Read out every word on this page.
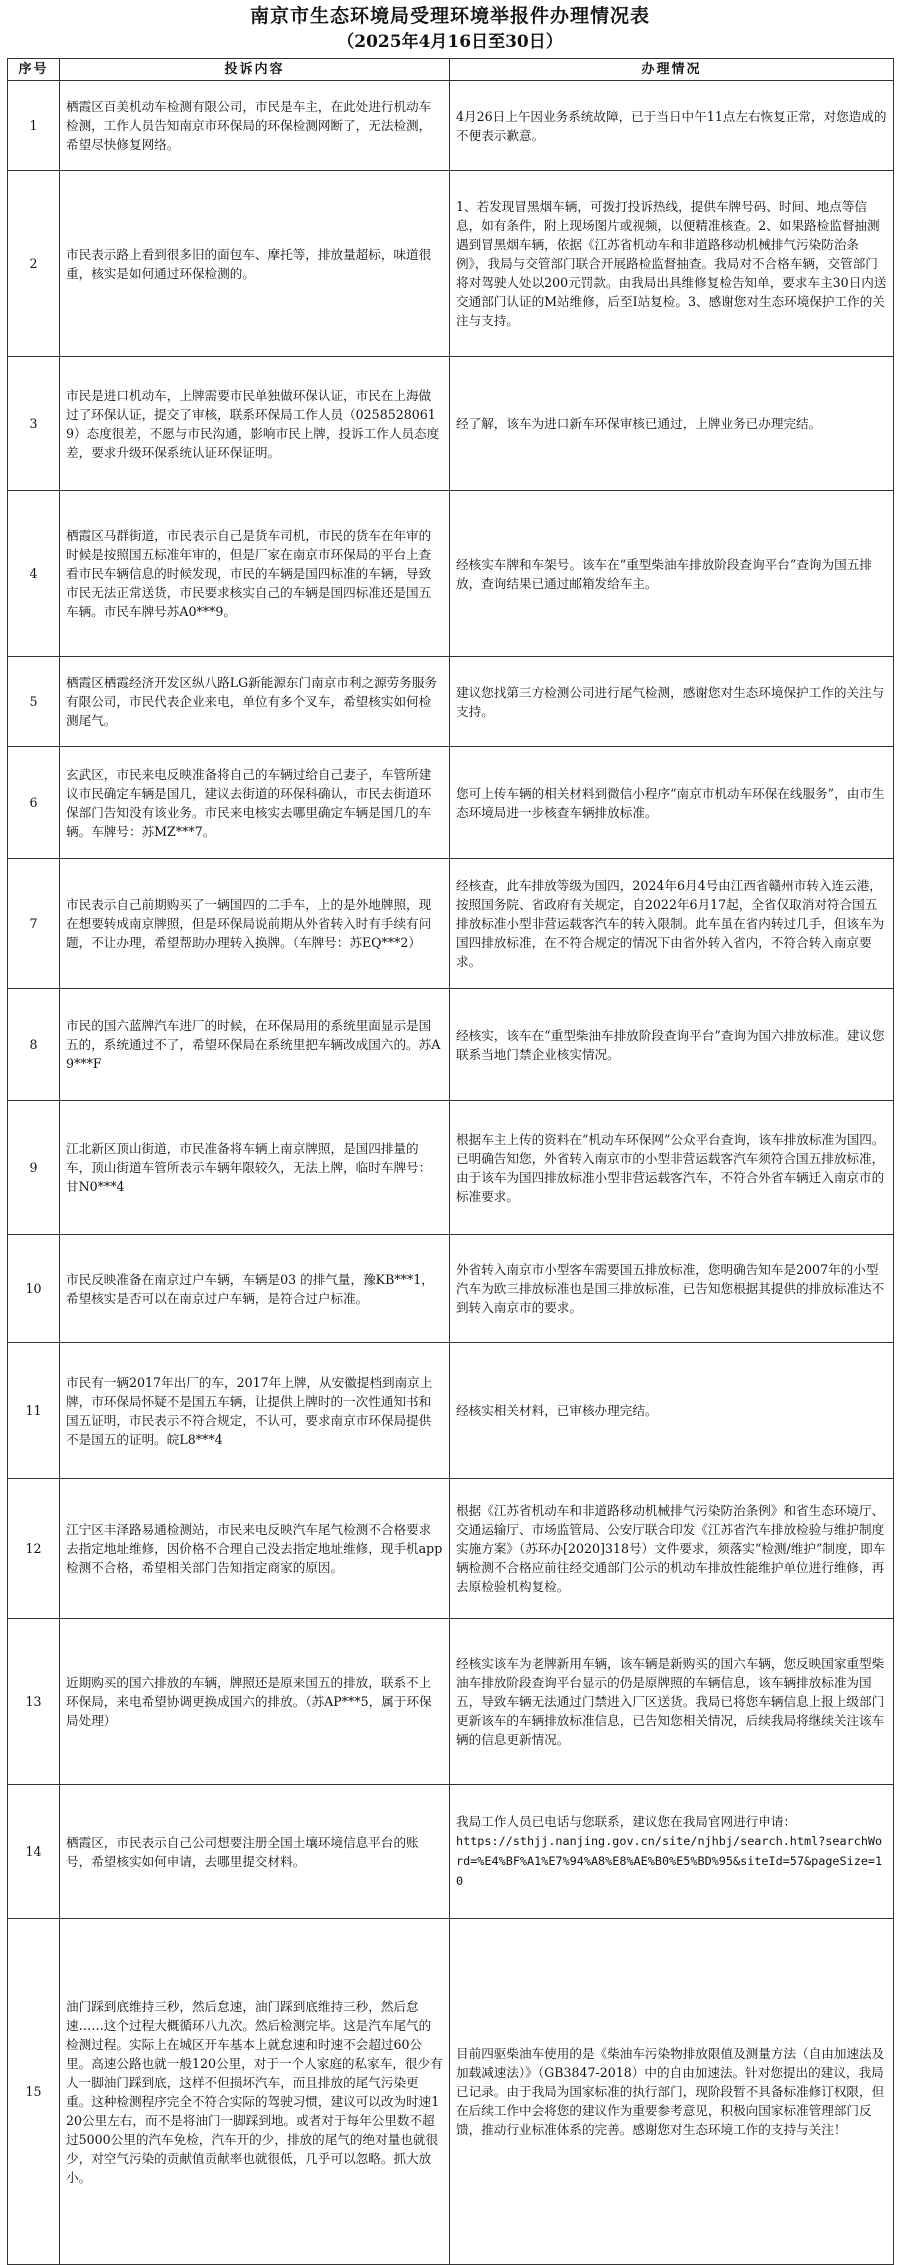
南京市生态环境局受理环境举报件办理情况表
（2025年4月16日至30日）
序号	投诉内容	办理情况
1	栖霞区百美机动车检测有限公司，市民是车主，在此处进行机动车检测，工作人员告知南京市环保局的环保检测网断了，无法检测，希望尽快修复网络。	4月26日上午因业务系统故障，已于当日中午11点左右恢复正常，对您造成的不便表示歉意。
2	市民表示路上看到很多旧的面包车、摩托等，排放量超标，味道很重，核实是如何通过环保检测的。	1、若发现冒黑烟车辆，可拨打投诉热线，提供车牌号码、时间、地点等信息，如有条件，附上现场图片或视频，以便精准核查。2、如果路检监督抽测遇到冒黑烟车辆，依据《江苏省机动车和非道路移动机械排气污染防治条例》，我局与交管部门联合开展路检监督抽查。我局对不合格车辆，交管部门将对驾驶人处以200元罚款。由我局出具维修复检告知单，要求车主30日内送交通部门认证的M站维修，后至I站复检。3、感谢您对生态环境保护工作的关注与支持。
3	市民是进口机动车，上牌需要市民单独做环保认证，市民在上海做过了环保认证，提交了审核，联系环保局工作人员（02585280619）态度很差，不愿与市民沟通，影响市民上牌，投诉工作人员态度差，要求升级环保系统认证环保证明。	经了解，该车为进口新车环保审核已通过，上牌业务已办理完结。
4	栖霞区马群街道，市民表示自己是货车司机，市民的货车在年审的时候是按照国五标准年审的，但是厂家在南京市环保局的平台上查看市民车辆信息的时候发现，市民的车辆是国四标准的车辆，导致市民无法正常送货，市民要求核实自己的车辆是国四标准还是国五车辆。市民车牌号苏A0***9。	经核实车牌和车架号。该车在“重型柴油车排放阶段查询平台”查询为国五排放，查询结果已通过邮箱发给车主。
5	栖霞区栖霞经济开发区纵八路LG新能源东门南京市利之源劳务服务有限公司，市民代表企业来电，单位有多个叉车，希望核实如何检测尾气。	建议您找第三方检测公司进行尾气检测，感谢您对生态环境保护工作的关注与支持。
6	玄武区，市民来电反映准备将自己的车辆过给自己妻子，车管所建议市民确定车辆是国几，建议去街道的环保科确认，市民去街道环保部门告知没有该业务。市民来电核实去哪里确定车辆是国几的车辆。车牌号：苏MZ***7。	您可上传车辆的相关材料到微信小程序“南京市机动车环保在线服务”，由市生态环境局进一步核查车辆排放标准。
7	市民表示自己前期购买了一辆国四的二手车，上的是外地牌照，现在想要转成南京牌照，但是环保局说前期从外省转入时有手续有问题，不让办理，希望帮助办理转入换牌。（车牌号：苏EQ***2）	经核查，此车排放等级为国四，2024年6月4号由江西省赣州市转入连云港，按照国务院、省政府有关规定，自2022年6月17起，全省仅取消对符合国五排放标准小型非营运载客汽车的转入限制。此车虽在省内转过几手，但该车为国四排放标准，在不符合规定的情况下由省外转入省内，不符合转入南京要求。
8	市民的国六蓝牌汽车进厂的时候，在环保局用的系统里面显示是国五的，系统通过不了，希望环保局在系统里把车辆改成国六的。苏A9***F	经核实，该车在“重型柴油车排放阶段查询平台”查询为国六排放标准。建议您联系当地门禁企业核实情况。
9	江北新区顶山街道，市民准备将车辆上南京牌照，是国四排量的车，顶山街道车管所表示车辆年限较久，无法上牌，临时车牌号：甘N0***4	根据车主上传的资料在“机动车环保网”公众平台查询，该车排放标准为国四。已明确告知您，外省转入南京市的小型非营运载客汽车须符合国五排放标准，由于该车为国四排放标准小型非营运载客汽车，不符合外省车辆迁入南京市的标准要求。
10	市民反映准备在南京过户车辆，车辆是03 的排气量，豫KB***1，希望核实是否可以在南京过户车辆，是符合过户标准。	外省转入南京市小型客车需要国五排放标准，您明确告知车是2007年的小型汽车为欧三排放标准也是国三排放标准，已告知您根据其提供的排放标准达不到转入南京市的要求。
11	市民有一辆2017年出厂的车，2017年上牌，从安徽提档到南京上牌，市环保局怀疑不是国五车辆，让提供上牌时的一次性通知书和国五证明，市民表示不符合规定，不认可，要求南京市环保局提供不是国五的证明。皖L8***4	经核实相关材料，已审核办理完结。
12	江宁区丰泽路易通检测站，市民来电反映汽车尾气检测不合格要求去指定地址维修，因价格不合理自己没去指定地址维修，现手机app检测不合格，希望相关部门告知指定商家的原因。	根据《江苏省机动车和非道路移动机械排气污染防治条例》和省生态环境厅、交通运输厅、市场监管局、公安厅联合印发《江苏省汽车排放检验与维护制度实施方案》（苏环办[2020]318号）文件要求，须落实“检测/维护”制度，即车辆检测不合格应前往经交通部门公示的机动车排放性能维护单位进行维修，再去原检验机构复检。
13	近期购买的国六排放的车辆，牌照还是原来国五的排放，联系不上环保局，来电希望协调更换成国六的排放。（苏AP***5，属于环保局处理）	经核实该车为老牌新用车辆，该车辆是新购买的国六车辆，您反映国家重型柴油车排放阶段查询平台显示的仍是原牌照的车辆信息，该车辆排放标准为国五，导致车辆无法通过门禁进入厂区送货。我局已将您车辆信息上报上级部门更新该车的车辆排放标准信息，已告知您相关情况，后续我局将继续关注该车辆的信息更新情况。
14	栖霞区，市民表示自己公司想要注册全国土壤环境信息平台的账号，希望核实如何申请，去哪里提交材料。	我局工作人员已电话与您联系，建议您在我局官网进行申请：
https://sthjj.nanjing.gov.cn/site/njhbj/search.html?searchWord=%E4%BF%A1%E7%94%A8%E8%AE%B0%E5%BD%95&siteId=57&pageSize=10
15	油门踩到底维持三秒，然后怠速，油门踩到底维持三秒，然后怠速……这个过程大概循环八九次。然后检测完毕。这是汽车尾气的检测过程。实际上在城区开车基本上就怠速和时速不会超过60公里。高速公路也就一般120公里，对于一个人家庭的私家车，很少有人一脚油门踩到底，这样不但损坏汽车，而且排放的尾气污染更重。这种检测程序完全不符合实际的驾驶习惯，建议可以改为时速120公里左右，而不是将油门一脚踩到地。或者对于每年公里数不超过5000公里的汽车免检，汽车开的少，排放的尾气的绝对量也就很少，对空气污染的贡献值贡献率也就很低，几乎可以忽略。抓大放小。	目前四驱柴油车使用的是《柴油车污染物排放限值及测量方法（自由加速法及加载减速法）》（GB3847-2018）中的自由加速法。针对您提出的建议，我局已记录。由于我局为国家标准的执行部门，现阶段暂不具备标准修订权限，但在后续工作中会将您的建议作为重要参考意见，积极向国家标准管理部门反馈，推动行业标准体系的完善。感谢您对生态环境工作的支持与关注！
